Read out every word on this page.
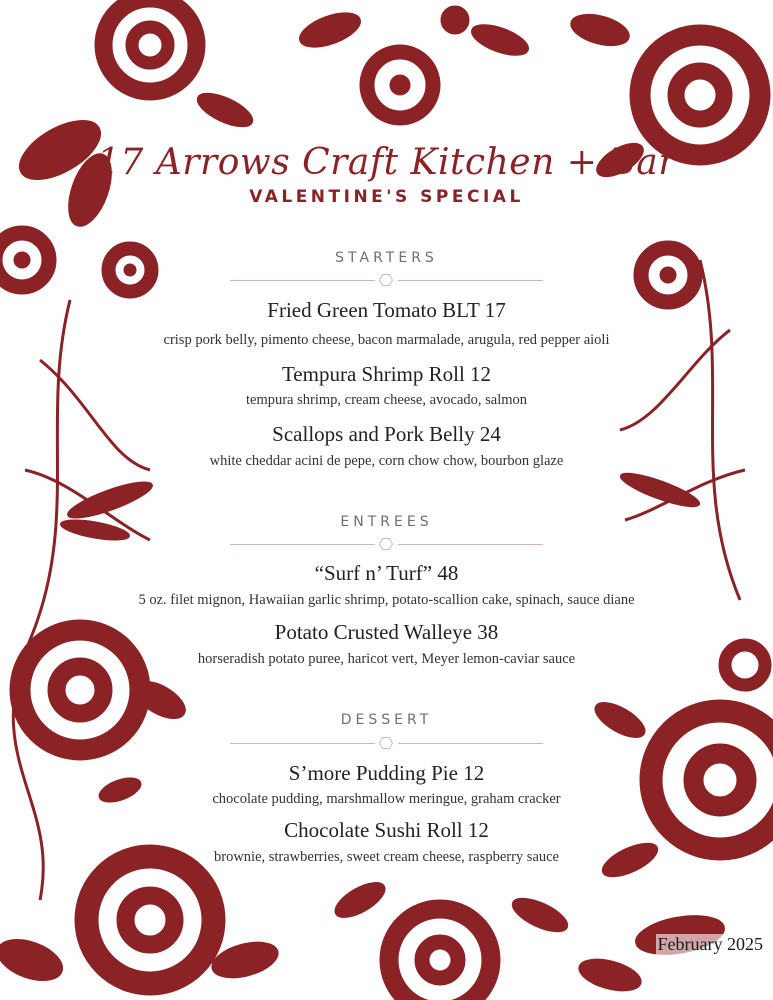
17 Arrows Craft Kitchen + Bar
VALENTINE'S SPECIAL
STARTERS
Fried Green Tomato BLT 17
crisp pork belly, pimento cheese, bacon marmalade, arugula, red pepper aioli
Tempura Shrimp Roll 12
tempura shrimp, cream cheese, avocado, salmon
Scallops and Pork Belly 24
white cheddar acini de pepe, corn chow chow, bourbon glaze
ENTREES
“Surf n’ Turf” 48
5 oz. filet mignon, Hawaiian garlic shrimp, potato-scallion cake, spinach, sauce diane
Potato Crusted Walleye 38
horseradish potato puree, haricot vert, Meyer lemon-caviar sauce
DESSERT
S’more Pudding Pie 12
chocolate pudding, marshmallow meringue, graham cracker
Chocolate Sushi Roll 12
brownie, strawberries, sweet cream cheese, raspberry sauce
February 2025
